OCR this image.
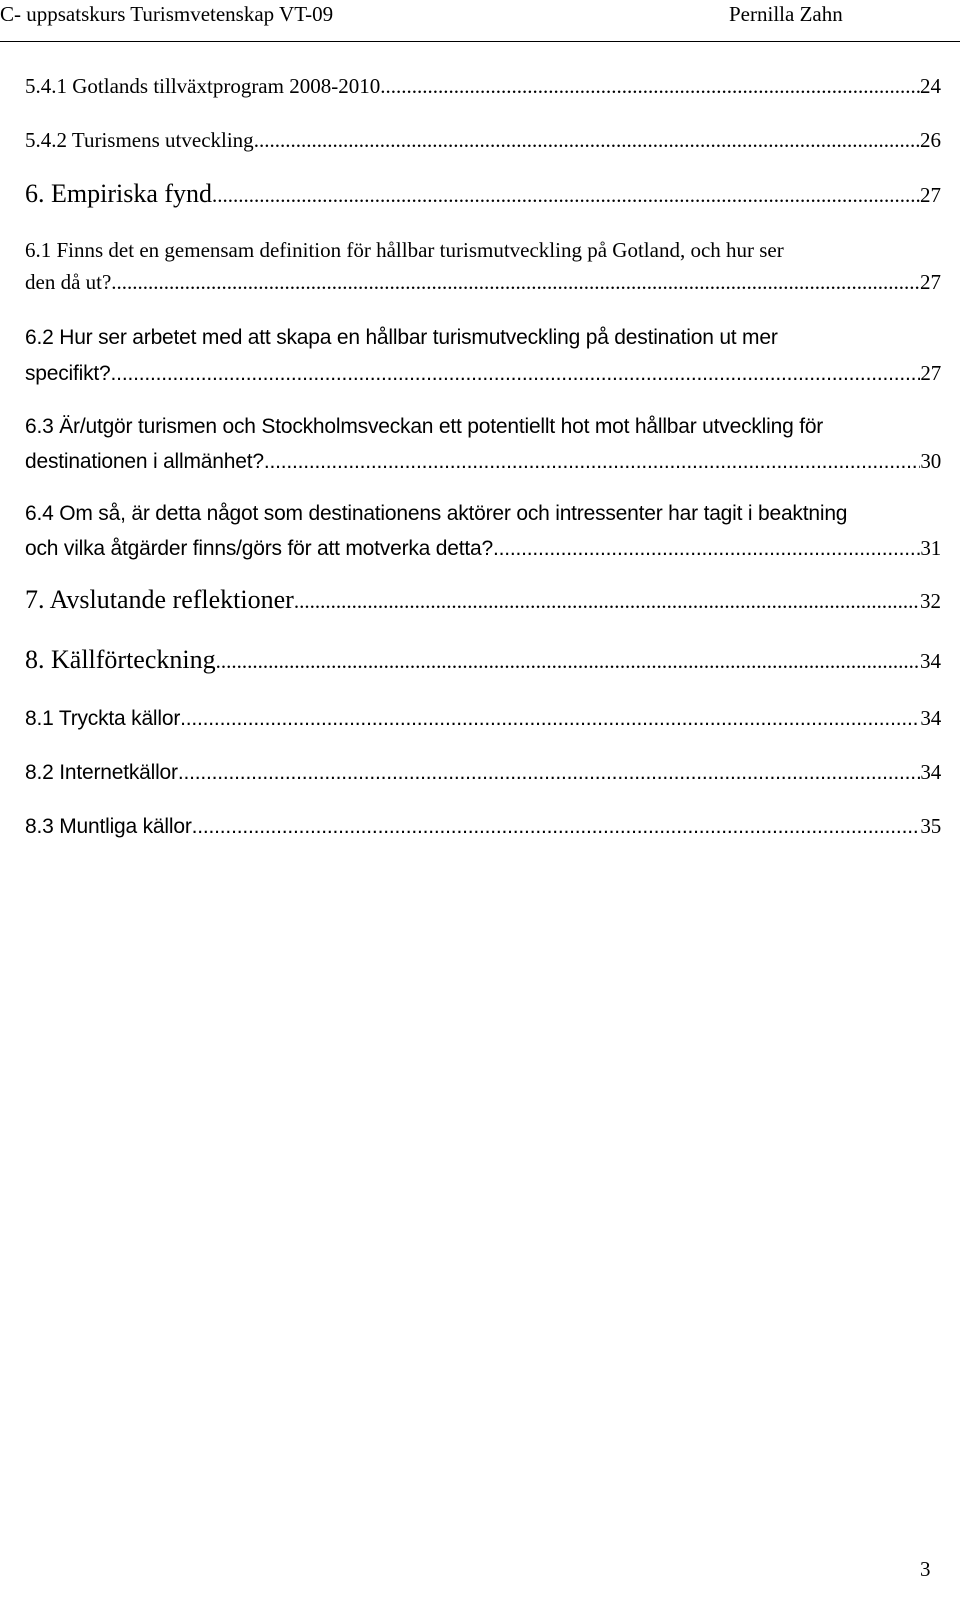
C- uppsatskurs Turismvetenskap VT-09	Pernilla Zahn
5.4.1 Gotlands tillväxtprogram 2008-2010 .....	24
5.4.2 Turismens utveckling .....	26
6. Empiriska fynd .....	27
6.1 Finns det en gemensam definition för hållbar turismutveckling på Gotland, och hur ser
den då ut? .....	27
6.2 Hur ser arbetet med att skapa en hållbar turismutveckling på destination ut mer
specifikt? .....	27
6.3 Är/utgör turismen och Stockholmsveckan ett potentiellt hot mot hållbar utveckling för
destinationen i allmänhet? .....	30
6.4 Om så, är detta något som destinationens aktörer och intressenter har tagit i beaktning
och vilka åtgärder finns/görs för att motverka detta? .....	31
7. Avslutande reflektioner .....	32
8. Källförteckning .....	34
8.1 Tryckta källor .....	34
8.2 Internetkällor .....	34
8.3 Muntliga källor .....	35
3
